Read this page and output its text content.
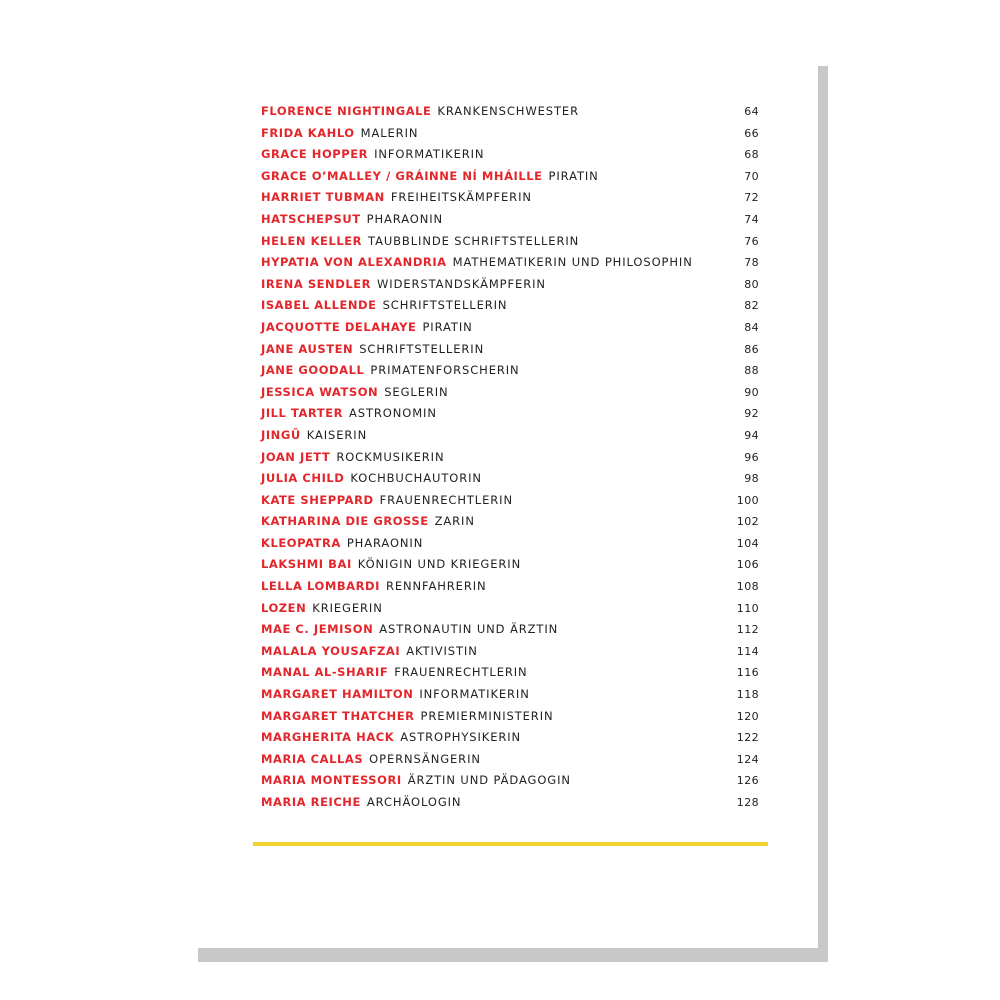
FLORENCE NIGHTINGALE KRANKENSCHWESTER	64
FRIDA KAHLO MALERIN	66
GRACE HOPPER INFORMATIKERIN	68
GRACE O’MALLEY / GRÁINNE NÍ MHÁILLE PIRATIN	70
HARRIET TUBMAN FREIHEITSKÄMPFERIN	72
HATSCHEPSUT PHARAONIN	74
HELEN KELLER TAUBBLINDE SCHRIFTSTELLERIN	76
HYPATIA VON ALEXANDRIA MATHEMATIKERIN UND PHILOSOPHIN	78
IRENA SENDLER WIDERSTANDSKÄMPFERIN	80
ISABEL ALLENDE SCHRIFTSTELLERIN	82
JACQUOTTE DELAHAYE PIRATIN	84
JANE AUSTEN SCHRIFTSTELLERIN	86
JANE GOODALL PRIMATENFORSCHERIN	88
JESSICA WATSON SEGLERIN	90
JILL TARTER ASTRONOMIN	92
JINGŪ KAISERIN	94
JOAN JETT ROCKMUSIKERIN	96
JULIA CHILD KOCHBUCHAUTORIN	98
KATE SHEPPARD FRAUENRECHTLERIN	100
KATHARINA DIE GROSSE ZARIN	102
KLEOPATRA PHARAONIN	104
LAKSHMI BAI KÖNIGIN UND KRIEGERIN	106
LELLA LOMBARDI RENNFAHRERIN	108
LOZEN KRIEGERIN	110
MAE C. JEMISON ASTRONAUTIN UND ÄRZTIN	112
MALALA YOUSAFZAI AKTIVISTIN	114
MANAL AL-SHARIF FRAUENRECHTLERIN	116
MARGARET HAMILTON INFORMATIKERIN	118
MARGARET THATCHER PREMIERMINISTERIN	120
MARGHERITA HACK ASTROPHYSIKERIN	122
MARIA CALLAS OPERNSÄNGERIN	124
MARIA MONTESSORI ÄRZTIN UND PÄDAGOGIN	126
MARIA REICHE ARCHÄOLOGIN	128
